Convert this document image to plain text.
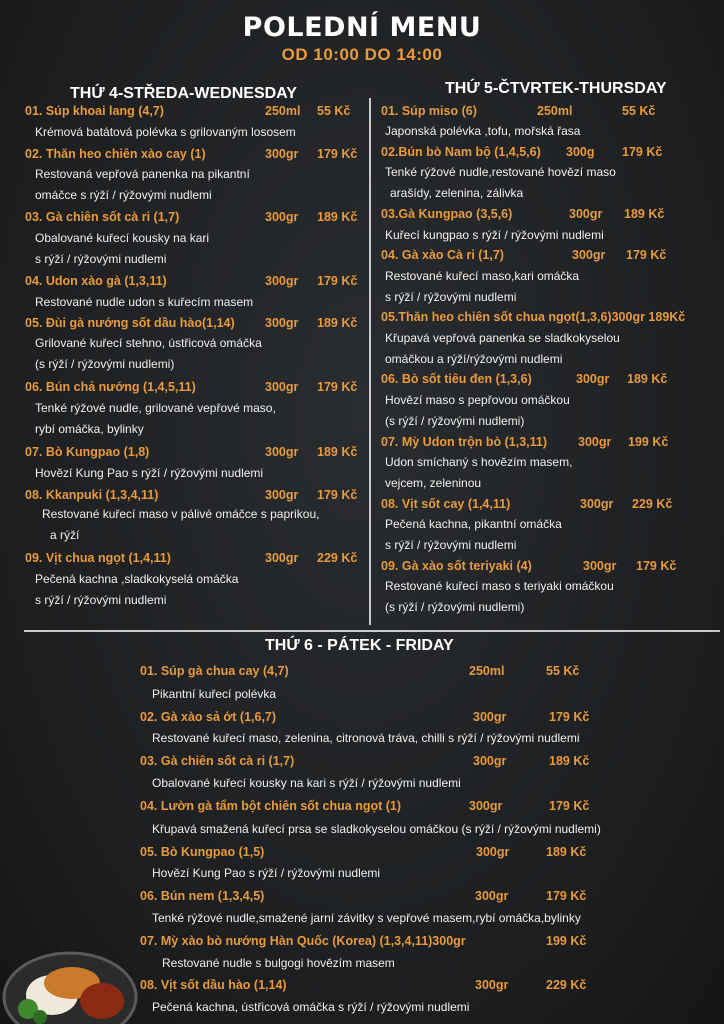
POLEDNÍ MENU
OD 10:00 DO 14:00
THỨ 4-STŘEDA-WEDNESDAY	THỨ 5-ČTVRTEK-THURSDAY
THỨ 6 - PÁTEK - FRIDAY
01. Súp khoai lang (4,7)	250ml 55 Kč
Krémová batátová polévka s grilovaným lososem
02. Thăn heo chiên xào cay (1)	300gr 179 Kč
Restovaná vepřová panenka na pikantní
omáčce s rýží / rýžovými nudlemi
03. Gà chiên sốt cà ri (1,7)	300gr 189 Kč
Obalované kuřecí kousky na kari
s rýží / rýžovými nudlemi
04. Udon xào gà (1,3,11)	300gr 179 Kč
Restované nudle udon s kuřecím masem
05. Đùi gà nướng sốt dầu hào(1,14) 300gr 189 Kč
Grilované kuřecí stehno, ústřicová omáčka
(s rýží / rýžovými nudlemi)
06. Bún chả nướng (1,4,5,11)	300gr 179 Kč
Tenké rýžové nudle, grilované vepřové maso,
rybí omáčka, bylinky
07. Bò Kungpao (1,8)	300gr 189 Kč
Hovězí Kung Pao s rýží / rýžovými nudlemi
08. Kkanpuki (1,3,4,11)	300gr 179 Kč
Restované kuřecí maso v pálivé omáčce s paprikou,
a rýží
09. Vịt chua ngọt (1,4,11)	300gr 229 Kč
Pečená kachna ,sladkokyselá omáčka
s rýží / rýžovými nudlemi
01. Súp miso (6)	250ml	55 Kč
Japonská polévka ,tofu, mořská řasa
02.Bún bò Nam bộ (1,4,5,6) 300g 179 Kč
Tenké rýžové nudle,restované hovězí maso
arašídy, zelenina, zálivka
03.Gà Kungpao (3,5,6)	300gr 189 Kč
Kuřecí kungpao s rýží / rýžovými nudlemi
04. Gà xào Cà ri (1,7)	300gr 179 Kč
Restované kuřecí maso,kari omáčka
s rýží / rýžovými nudlemi
05.Thăn heo chiên sốt chua ngọt(1,3,6)300gr 189Kč
Křupavá vepřová panenka se sladkokyselou
omáčkou a rýží/rýžovými nudlemi
06. Bò sốt tiêu đen (1,3,6)	300gr 189 Kč
Hovězí maso s pepřovou omáčkou
(s rýží / rýžovými nudlemi)
07. Mỳ Udon trộn bò (1,3,11) 300gr 199 Kč
Udon smíchaný s hovězím masem,
vejcem, zeleninou
08. Vịt sốt cay (1,4,11)	300gr 229 Kč
Pečená kachna, pikantní omáčka
s rýží / rýžovými nudlemi
09. Gà xào sốt teriyaki (4)	300gr 179 Kč
Restované kuřecí maso s teriyaki omáčkou
(s rýží / rýžovými nudlemi)
01. Súp gà chua cay (4,7)	250ml	55 Kč
Pikantní kuřecí polévka
02. Gà xào sả ớt (1,6,7)	300gr	179 Kč
Restované kuřecí maso, zelenina, citronová tráva, chilli s rýží / rýžovými nudlemi
03. Gà chiên sốt cà ri (1,7)	300gr	189 Kč
Obalované kuřecí kousky na kari s rýží / rýžovými nudlemi
04. Lườn gà tẩm bột chiên sốt chua ngọt (1)	300gr	179 Kč
Křupavá smažená kuřecí prsa se sladkokyselou omáčkou (s rýží / rýžovými nudlemi)
05. Bò Kungpao (1,5)	300gr	189 Kč
Hovězí Kung Pao s rýží / rýžovými nudlemi
06. Bún nem (1,3,4,5)	300gr	179 Kč
Tenké rýžové nudle,smažené jarní závitky s vepřové masem,rybí omáčka,bylinky
07. Mỳ xào bò nướng Hàn Quốc (Korea) (1,3,4,11)300gr	199 Kč
Restované nudle s bulgogi hovězím masem
08. Vịt sốt dầu hào (1,14)	300gr	229 Kč
Pečená kachna, ústřicová omáčka s rýží / rýžovými nudlemi
